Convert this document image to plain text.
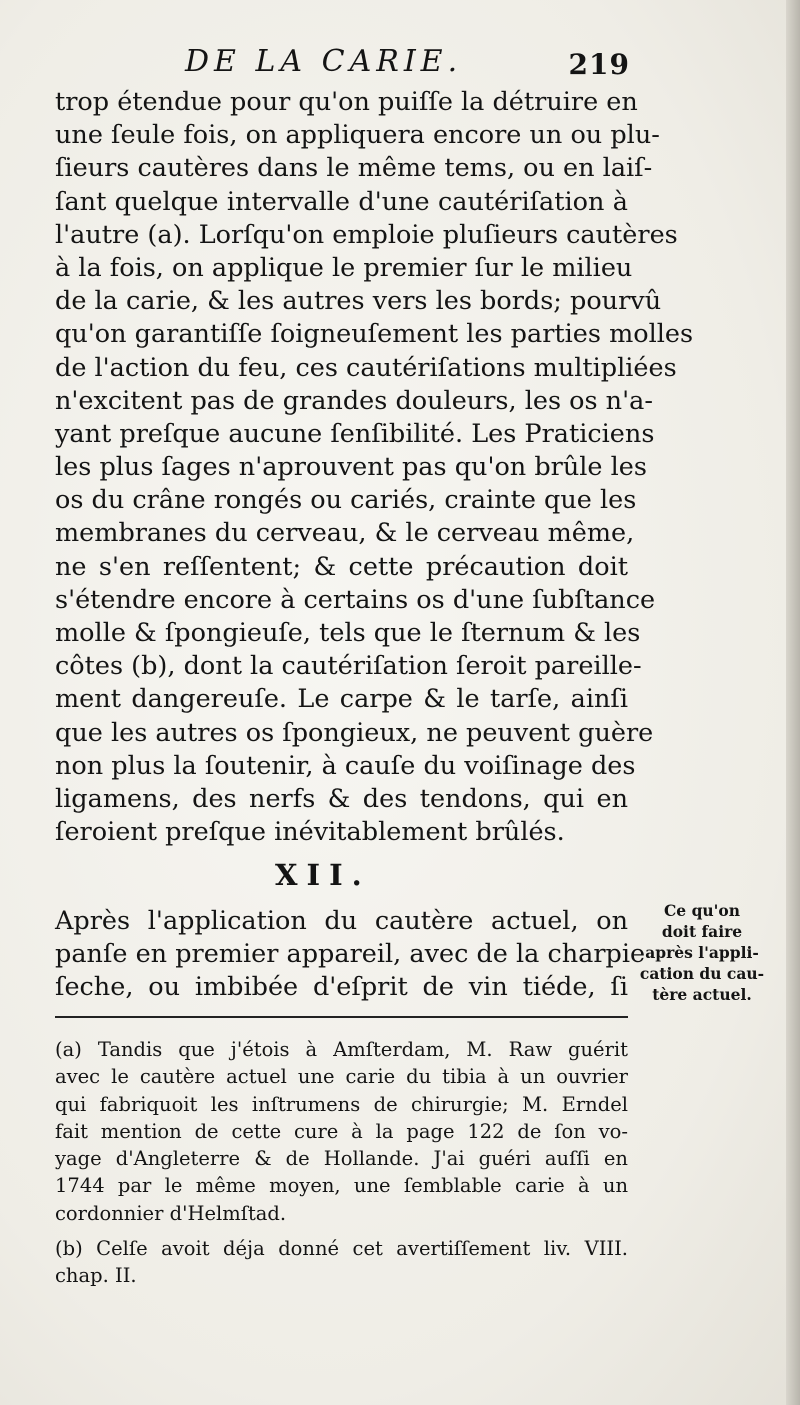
DE LA CARIE.	219
trop étendue pour qu'on puiſſe la détruire en
une ſeule fois, on appliquera encore un ou plu-
ſieurs cautères dans le même tems, ou en laiſ-
ſant quelque intervalle d'une cautériſation à
l'autre (a). Lorſqu'on emploie pluſieurs cautères
à la fois, on applique le premier ſur le milieu
de la carie, & les autres vers les bords; pourvû
qu'on garantiſſe ſoigneuſement les parties molles
de l'action du feu, ces cautériſations multipliées
n'excitent pas de grandes douleurs, les os n'a-
yant preſque aucune ſenſibilité. Les Praticiens
les plus ſages n'aprouvent pas qu'on brûle les
os du crâne rongés ou cariés, crainte que les
membranes du cerveau, & le cerveau même,
ne s'en reſſentent; & cette précaution doit
s'étendre encore à certains os d'une ſubſtance
molle & ſpongieuſe, tels que le ſternum & les
côtes (b), dont la cautériſation ſeroit pareille-
ment dangereuſe. Le carpe & le tarſe, ainſi
que les autres os ſpongieux, ne peuvent guère
non plus la ſoutenir, à cauſe du voiſinage des
ligamens, des nerfs & des tendons, qui en
ſeroient preſque inévitablement brûlés.
XII.
Après l'application du cautère actuel, on
panſe en premier appareil, avec de la charpie
ſeche, ou imbibée d'eſprit de vin tiéde, ſi
Ce qu'on
doit faire
après l'appli-
cation du cau-
tère actuel.
(a) Tandis que j'étois à Amſterdam, M. Raw guérit
avec le cautère actuel une carie du tibia à un ouvrier
qui fabriquoit les inſtrumens de chirurgie; M. Erndel
fait mention de cette cure à la page 122 de ſon vo-
yage d'Angleterre & de Hollande. J'ai guéri auſſi en
1744 par le même moyen, une ſemblable carie à un
cordonnier d'Helmſtad.
(b) Celſe avoit déja donné cet avertiſſement liv. VIII.
chap. II.
